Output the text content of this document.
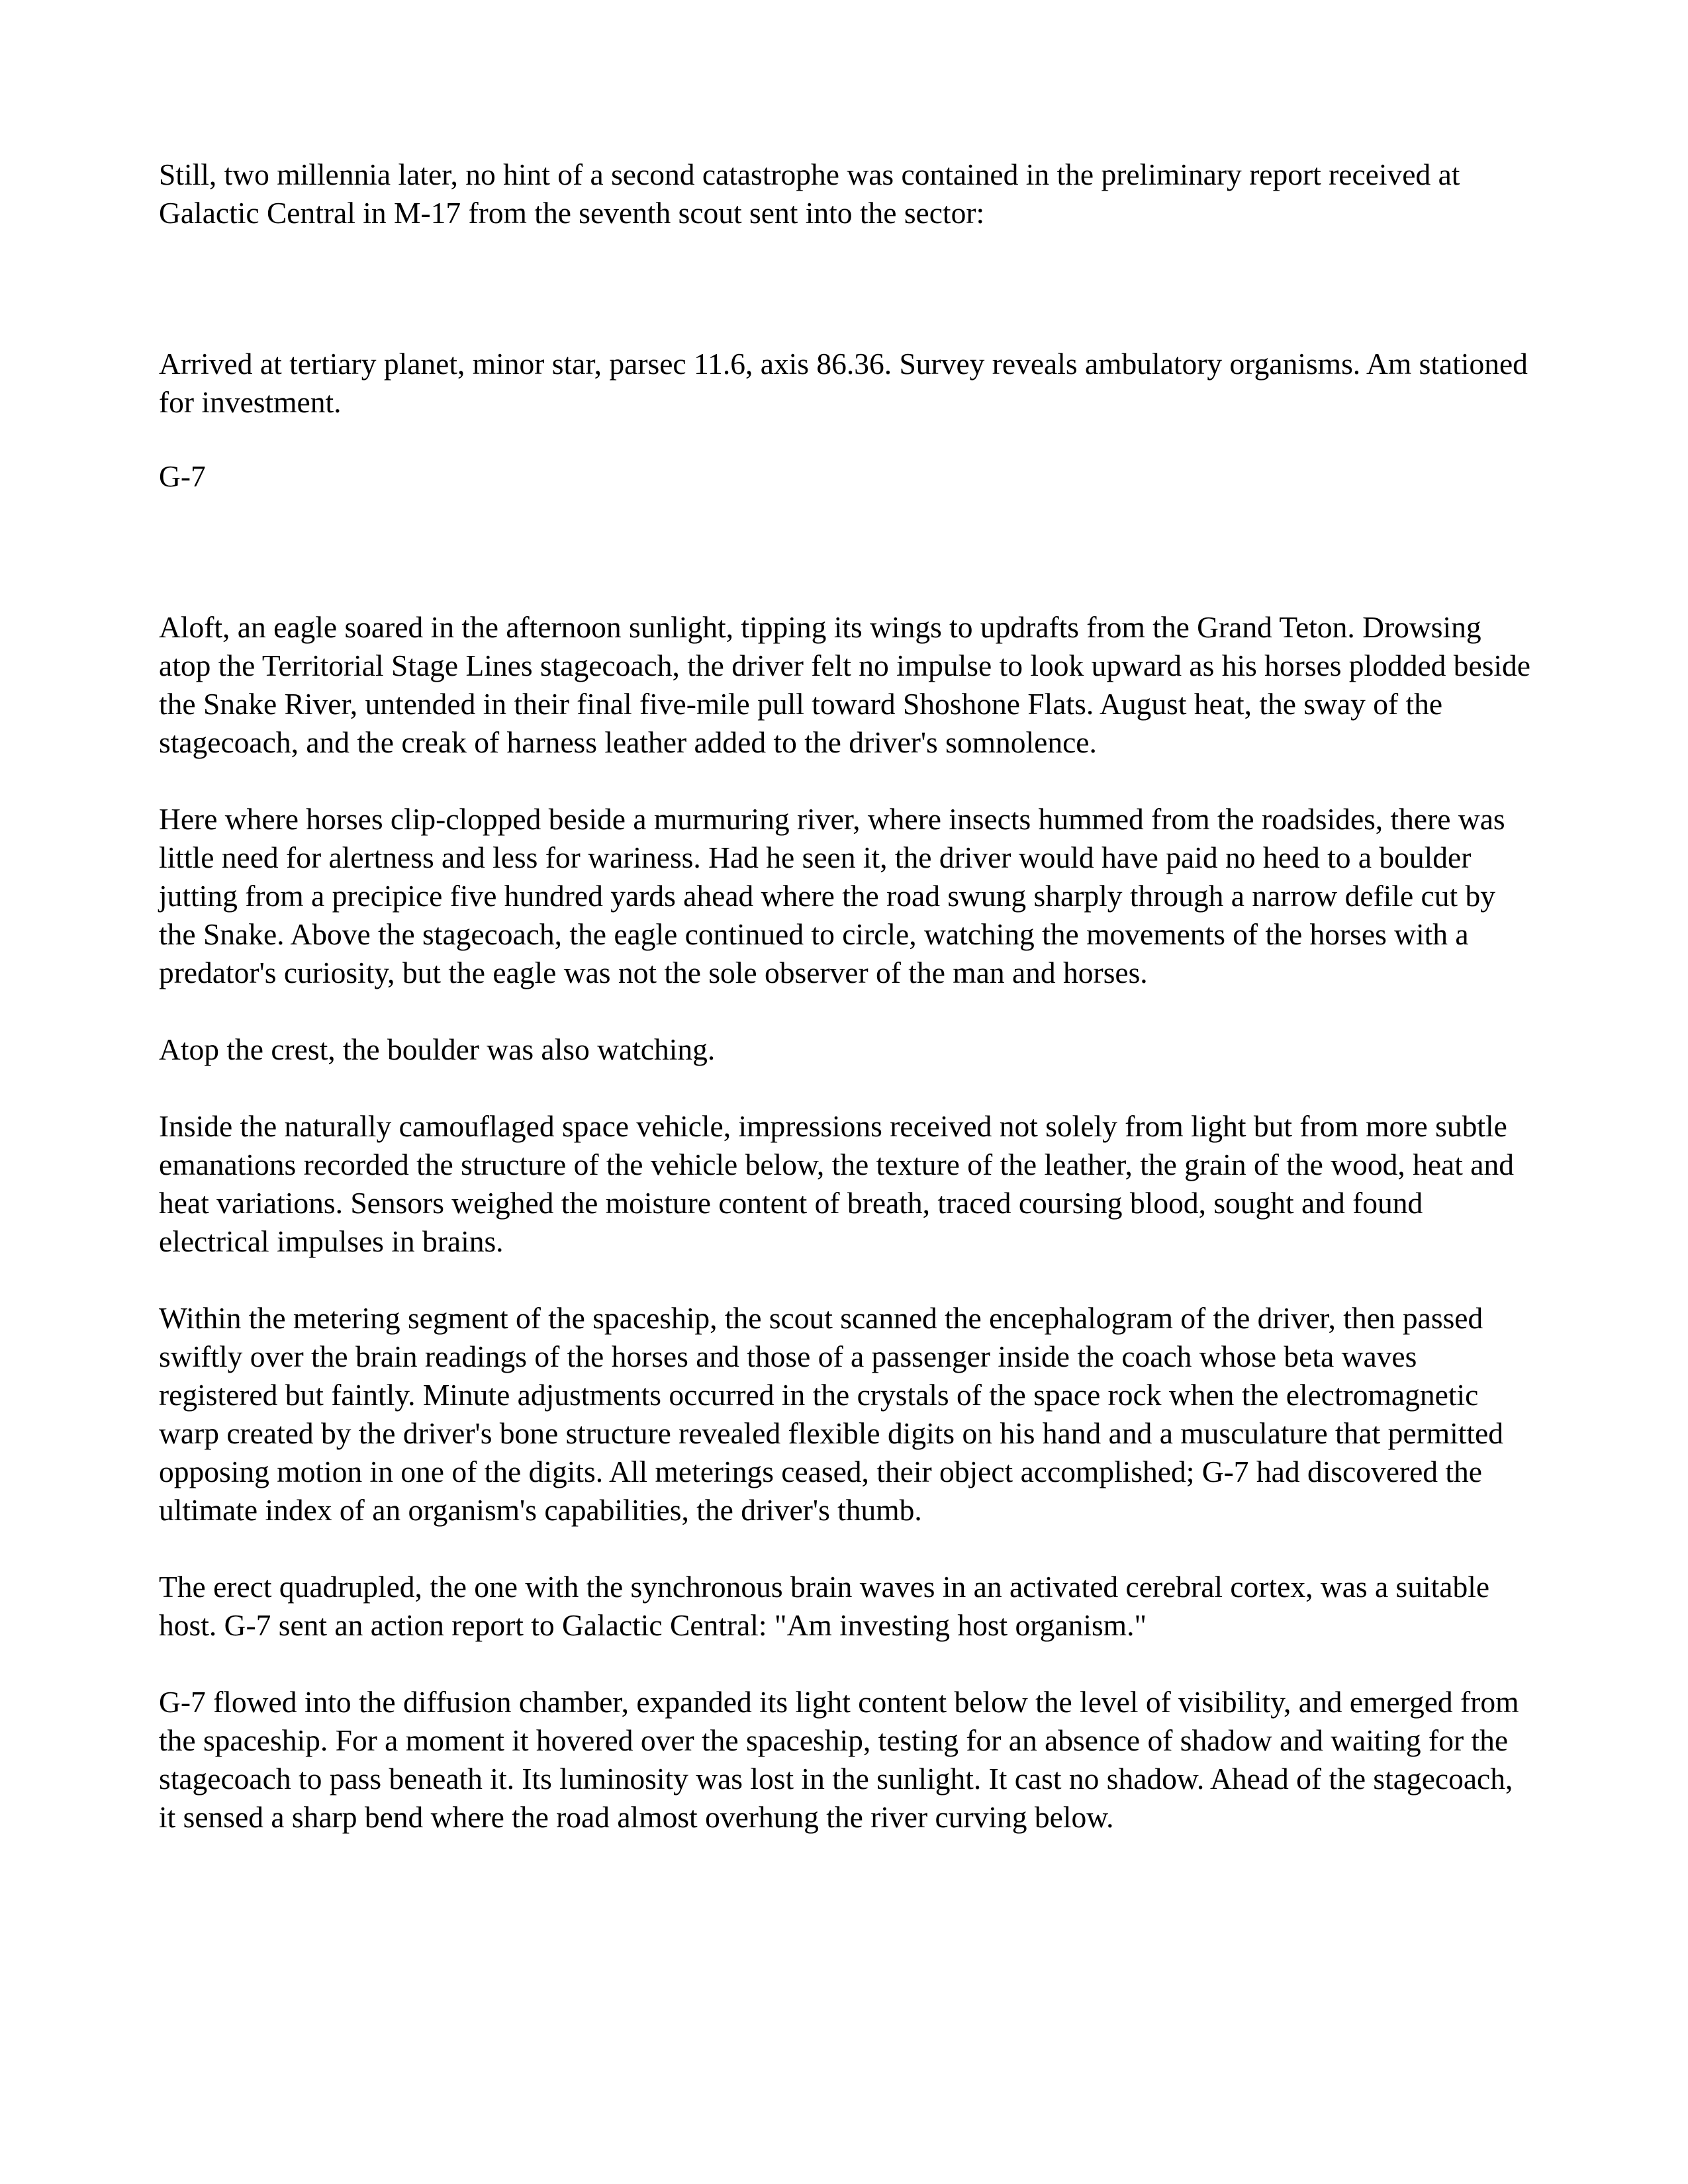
Still, two millennia later, no hint of a second catastrophe was contained in the preliminary report received at Galactic Central in M-17 from the seventh scout sent into the sector:

Arrived at tertiary planet, minor star, parsec 11.6, axis 86.36. Survey reveals ambulatory organisms. Am stationed for investment.

G-7

Aloft, an eagle soared in the afternoon sunlight, tipping its wings to updrafts from the Grand Teton. Drowsing atop the Territorial Stage Lines stagecoach, the driver felt no impulse to look upward as his horses plodded beside the Snake River, untended in their final five-mile pull toward Shoshone Flats. August heat, the sway of the stagecoach, and the creak of harness leather added to the driver's somnolence.

Here where horses clip-clopped beside a murmuring river, where insects hummed from the roadsides, there was little need for alertness and less for wariness. Had he seen it, the driver would have paid no heed to a boulder jutting from a precipice five hundred yards ahead where the road swung sharply through a narrow defile cut by the Snake. Above the stagecoach, the eagle continued to circle, watching the movements of the horses with a predator's curiosity, but the eagle was not the sole observer of the man and horses.

Atop the crest, the boulder was also watching.

Inside the naturally camouflaged space vehicle, impressions received not solely from light but from more subtle emanations recorded the structure of the vehicle below, the texture of the leather, the grain of the wood, heat and heat variations. Sensors weighed the moisture content of breath, traced coursing blood, sought and found electrical impulses in brains.

Within the metering segment of the spaceship, the scout scanned the encephalogram of the driver, then passed swiftly over the brain readings of the horses and those of a passenger inside the coach whose beta waves registered but faintly. Minute adjustments occurred in the crystals of the space rock when the electromagnetic warp created by the driver's bone structure revealed flexible digits on his hand and a musculature that permitted opposing motion in one of the digits. All meterings ceased, their object accomplished; G-7 had discovered the ultimate index of an organism's capabilities, the driver's thumb.

The erect quadrupled, the one with the synchronous brain waves in an activated cerebral cortex, was a suitable host. G-7 sent an action report to Galactic Central: "Am investing host organism."

G-7 flowed into the diffusion chamber, expanded its light content below the level of visibility, and emerged from the spaceship. For a moment it hovered over the spaceship, testing for an absence of shadow and waiting for the stagecoach to pass beneath it. Its luminosity was lost in the sunlight. It cast no shadow. Ahead of the stagecoach, it sensed a sharp bend where the road almost overhung the river curving below.
